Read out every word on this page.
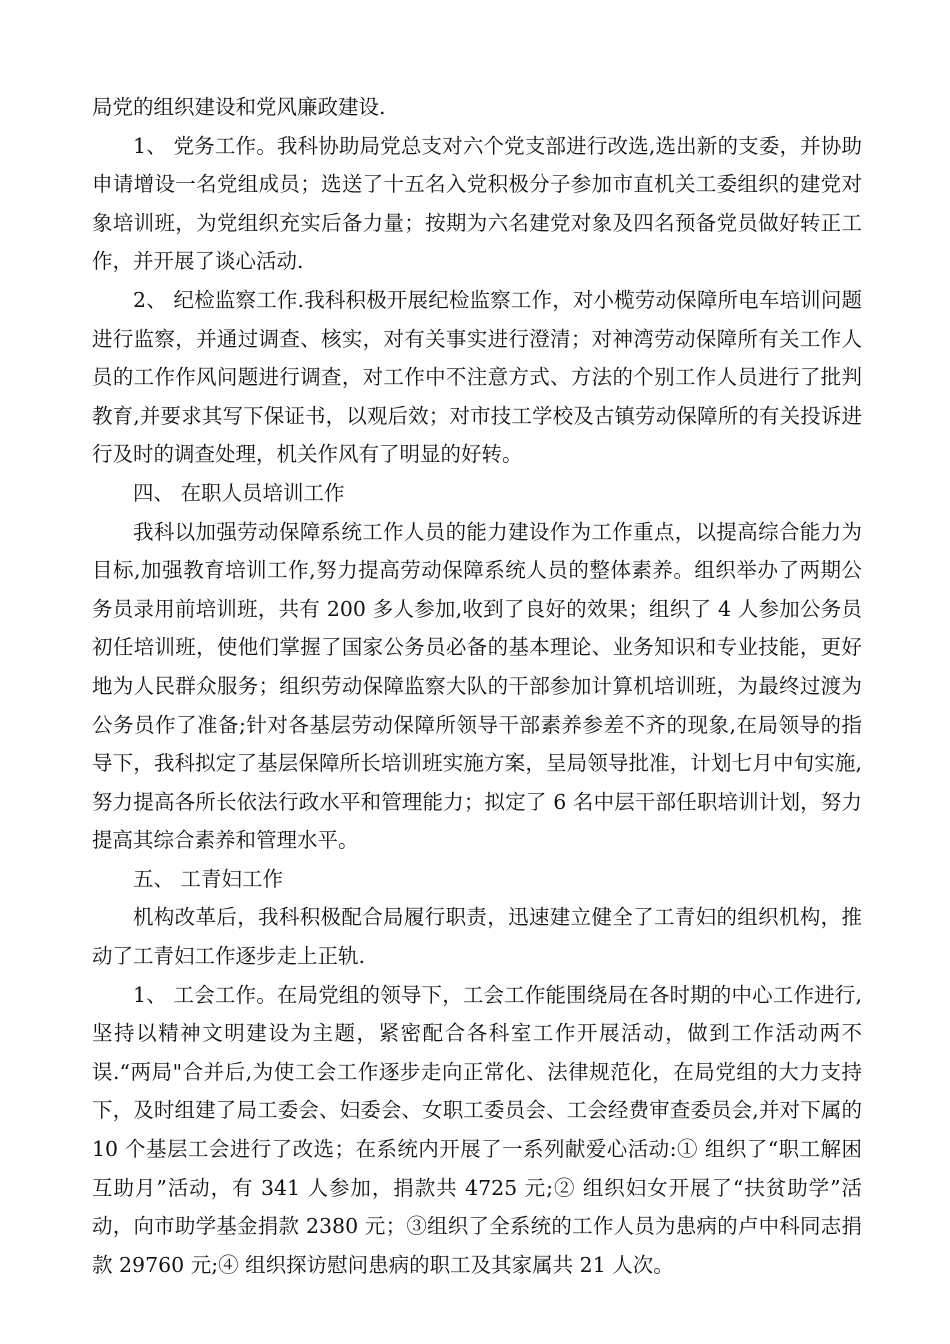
局党的组织建设和党风廉政建设.

1、 党务工作。我科协助局党总支对六个党支部进行改选,选出新的支委，并协助申请增设一名党组成员；选送了十五名入党积极分子参加市直机关工委组织的建党对象培训班，为党组织充实后备力量；按期为六名建党对象及四名预备党员做好转正工作，并开展了谈心活动.

2、 纪检监察工作.我科积极开展纪检监察工作，对小榄劳动保障所电车培训问题进行监察，并通过调查、核实，对有关事实进行澄清；对神湾劳动保障所有关工作人员的工作作风问题进行调查，对工作中不注意方式、方法的个别工作人员进行了批判教育,并要求其写下保证书，以观后效；对市技工学校及古镇劳动保障所的有关投诉进行及时的调查处理，机关作风有了明显的好转。

四、 在职人员培训工作

我科以加强劳动保障系统工作人员的能力建设作为工作重点，以提高综合能力为目标,加强教育培训工作,努力提高劳动保障系统人员的整体素养。组织举办了两期公务员录用前培训班，共有 200 多人参加,收到了良好的效果；组织了 4 人参加公务员初任培训班，使他们掌握了国家公务员必备的基本理论、业务知识和专业技能，更好地为人民群众服务；组织劳动保障监察大队的干部参加计算机培训班，为最终过渡为公务员作了准备;针对各基层劳动保障所领导干部素养参差不齐的现象,在局领导的指导下，我科拟定了基层保障所长培训班实施方案，呈局领导批准，计划七月中旬实施,努力提高各所长依法行政水平和管理能力；拟定了 6 名中层干部任职培训计划，努力提高其综合素养和管理水平。

五、 工青妇工作

机构改革后，我科积极配合局履行职责，迅速建立健全了工青妇的组织机构，推动了工青妇工作逐步走上正轨.

1、 工会工作。在局党组的领导下，工会工作能围绕局在各时期的中心工作进行,坚持以精神文明建设为主题，紧密配合各科室工作开展活动，做到工作活动两不误.“两局"合并后,为使工会工作逐步走向正常化、法律规范化，在局党组的大力支持下，及时组建了局工委会、妇委会、女职工委员会、工会经费审查委员会,并对下属的 10 个基层工会进行了改选；在系统内开展了一系列献爱心活动:① 组织了“职工解困互助月”活动，有 341 人参加，捐款共 4725 元;② 组织妇女开展了“扶贫助学”活动，向市助学基金捐款 2380 元；③组织了全系统的工作人员为患病的卢中科同志捐款 29760 元;④ 组织探访慰问患病的职工及其家属共 21 人次。
